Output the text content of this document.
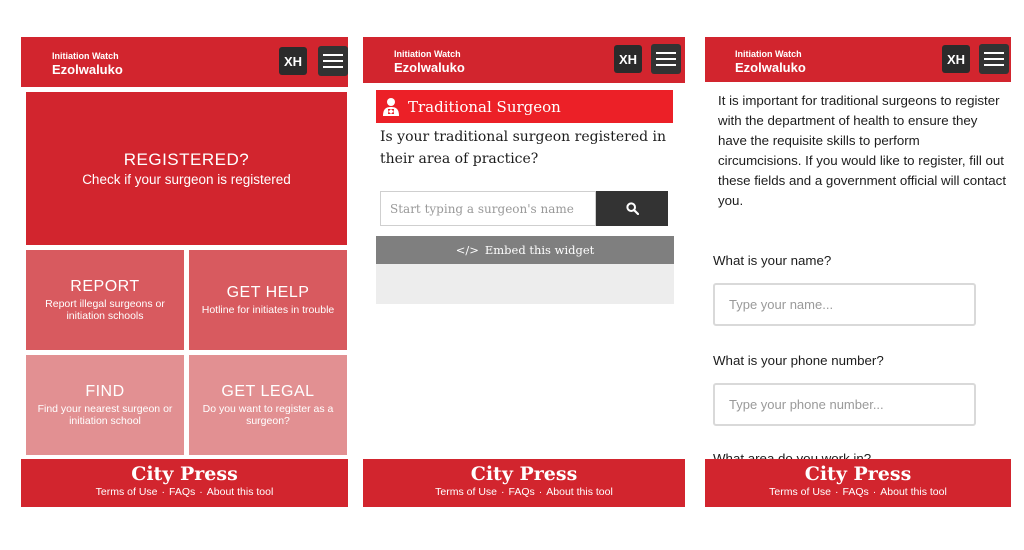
Initiation Watch
Ezolwaluko
XH
REGISTERED?
Check if your surgeon is registered
REPORT
Report illegal surgeons or initiation schools
GET HELP
Hotline for initiates in trouble
FIND
Find your nearest surgeon or initiation school
GET LEGAL
Do you want to register as a surgeon?
City Press
Terms of Use · FAQs · About this tool
Initiation Watch
Ezolwaluko
XH
Traditional Surgeon
Is your traditional surgeon registered in their area of practice?
Start typing a surgeon's name
</> Embed this widget
City Press
Terms of Use · FAQs · About this tool
Initiation Watch
Ezolwaluko
XH
It is important for traditional surgeons to register with the department of health to ensure they have the requisite skills to perform circumcisions. If you would like to register, fill out these fields and a government official will contact you.
What is your name?
Type your name...
What is your phone number?
Type your phone number...
City Press
Terms of Use · FAQs · About this tool
